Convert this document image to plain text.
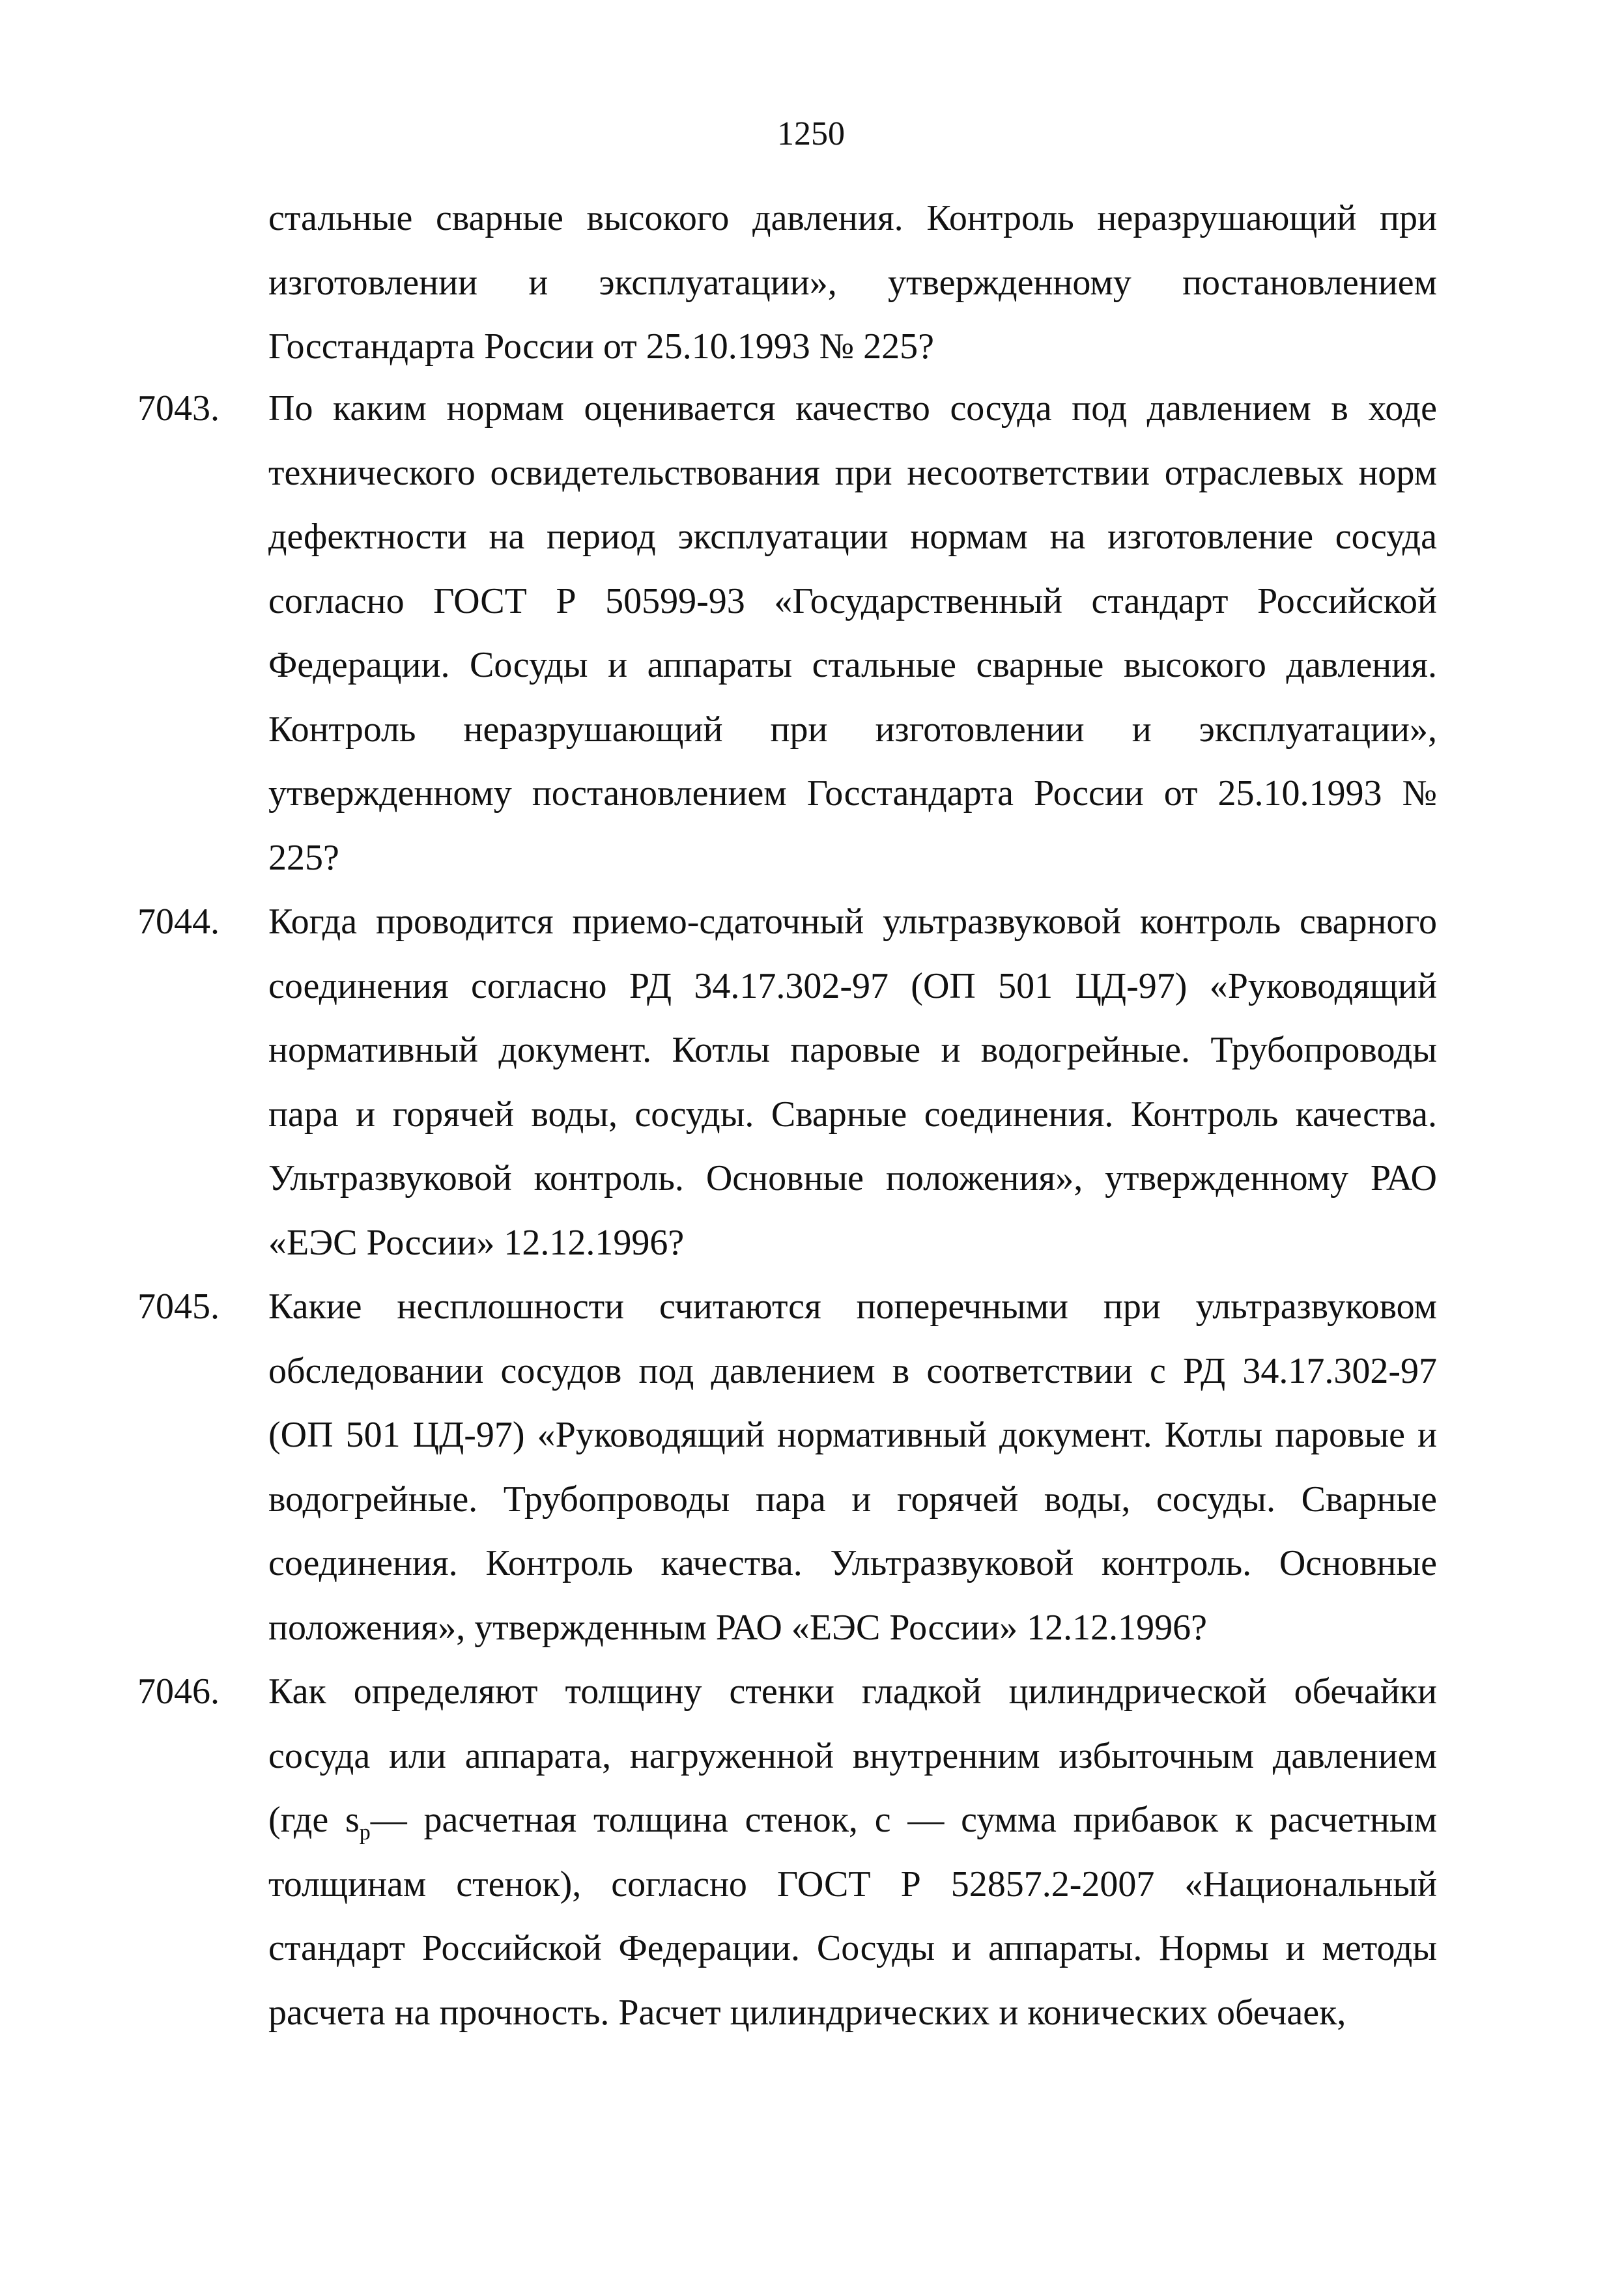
1250

стальные сварные высокого давления. Контроль неразрушающий при изготовлении и эксплуатации», утвержденному постановлением Госстандарта России от 25.10.1993 № 225?

7043. По каким нормам оценивается качество сосуда под давлением в ходе технического освидетельствования при несоответствии отраслевых норм дефектности на период эксплуатации нормам на изготовление сосуда согласно ГОСТ Р 50599-93 «Государственный стандарт Российской Федерации. Сосуды и аппараты стальные сварные высокого давления. Контроль неразрушающий при изготовлении и эксплуатации», утвержденному постановлением Госстандарта России от 25.10.1993 № 225?
7044. Когда проводится приемо-сдаточный ультразвуковой контроль сварного соединения согласно РД 34.17.302-97 (ОП 501 ЦД-97) «Руководящий нормативный документ. Котлы паровые и водогрейные. Трубопроводы пара и горячей воды, сосуды. Сварные соединения. Контроль качества. Ультразвуковой контроль. Основные положения», утвержденному РАО «ЕЭС России» 12.12.1996?
7045. Какие несплошности считаются поперечными при ультразвуковом обследовании сосудов под давлением в соответствии с РД 34.17.302-97 (ОП 501 ЦД-97) «Руководящий нормативный документ. Котлы паровые и водогрейные. Трубопроводы пара и горячей воды, сосуды. Сварные соединения. Контроль качества. Ультразвуковой контроль. Основные положения», утвержденным РАО «ЕЭС России» 12.12.1996?
7046. Как определяют толщину стенки гладкой цилиндрической обечайки сосуда или аппарата, нагруженной внутренним избыточным давлением (где $s_р—$ расчетная толщина стенок, с — сумма прибавок к расчетным толщинам стенок), согласно ГОСТ Р 52857.2-2007 «Национальный стандарт Российской Федерации. Сосуды и аппараты. Нормы и методы расчета на прочность. Расчет цилиндрических и конических обечаек,
